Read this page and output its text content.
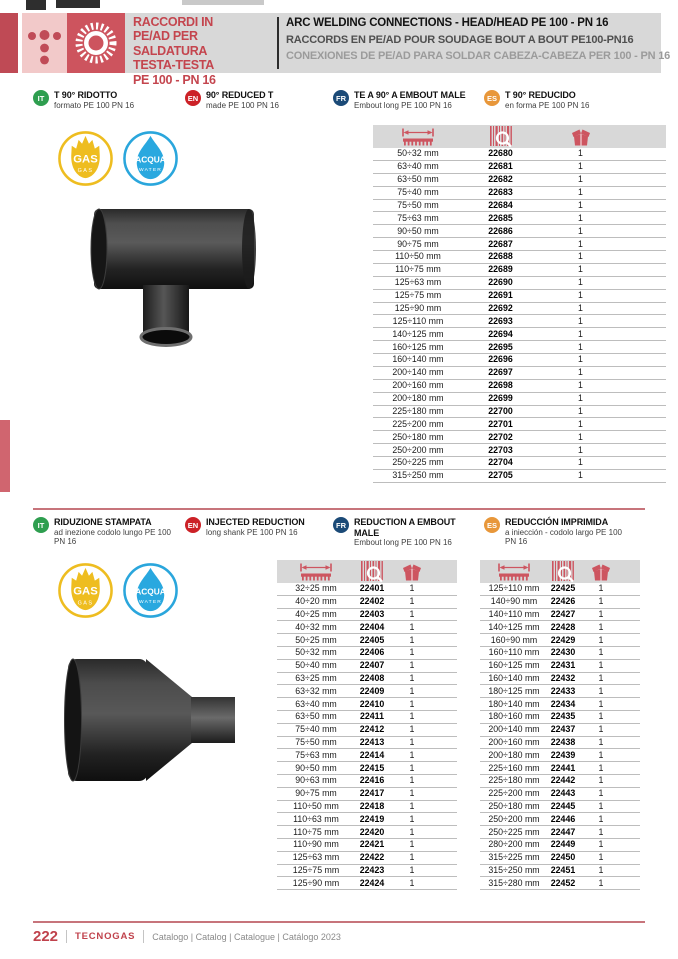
RACCORDI IN
PE/AD PER SALDATURA
TESTA-TESTA
PE 100 - PN 16
ARC WELDING CONNECTIONS - HEAD/HEAD PE 100 - PN 16
RACCORDS EN PE/AD POUR SOUDAGE BOUT A BOUT PE100-PN16
CONEXIONES DE PE/AD PARA SOLDAR CABEZA-CABEZA PER 100 - PN 16
IT	T 90° RIDOTTO
formato PE 100 PN 16
EN 90° REDUCED T
made PE 100 PN 16
FR TE A 90° A EMBOUT MALE
Embout long PE 100 PN 16
ES T 90° REDUCIDO
en forma PE 100 PN 16
GAS
GAS
ACQUA
WATER
50÷32 mm	22680	1
63÷40 mm	22681	1
63÷50 mm	22682	1
75÷40 mm	22683	1
75÷50 mm	22684	1
75÷63 mm	22685	1
90÷50 mm	22686	1
90÷75 mm	22687	1
110÷50 mm	22688	1
110÷75 mm	22689	1
125÷63 mm	22690	1
125÷75 mm	22691	1
125÷90 mm	22692	1
125÷110 mm	22693	1
140÷125 mm	22694	1
160÷125 mm	22695	1
160÷140 mm	22696	1
200÷140 mm	22697	1
200÷160 mm	22698	1
200÷180 mm	22699	1
225÷180 mm	22700	1
225÷200 mm	22701	1
250÷180 mm	22702	1
250÷200 mm	22703	1
250÷225 mm	22704	1
315÷250 mm	22705	1
IT	RIDUZIONE STAMPATA
ad inezione codolo lungo PE 100 PN 16
EN INJECTED REDUCTION
long shank PE 100 PN 16
FR REDUCTION A EMBOUT MALE
Embout long PE 100 PN 16
ES REDUCCIÓN IMPRIMIDA
a iniección - codolo largo PE 100 PN 16
GAS
GAS
ACQUA
WATER
32÷25 mm	22401	1
40÷20 mm	22402	1
40÷25 mm	22403	1
40÷32 mm	22404	1
50÷25 mm	22405	1
50÷32 mm	22406	1
50÷40 mm	22407	1
63÷25 mm	22408	1
63÷32 mm	22409	1
63÷40 mm	22410	1
63÷50 mm	22411	1
75÷40 mm	22412	1
75÷50 mm	22413	1
75÷63 mm	22414	1
90÷50 mm	22415	1
90÷63 mm	22416	1
90÷75 mm	22417	1
110÷50 mm	22418	1
110÷63 mm	22419	1
110÷75 mm	22420	1
110÷90 mm	22421	1
125÷63 mm	22422	1
125÷75 mm	22423	1
125÷90 mm	22424	1
125÷110 mm	22425	1
140÷90 mm	22426	1
140÷110 mm	22427	1
140÷125 mm	22428	1
160÷90 mm	22429	1
160÷110 mm	22430	1
160÷125 mm	22431	1
160÷140 mm	22432	1
180÷125 mm	22433	1
180÷140 mm	22434	1
180÷160 mm	22435	1
200÷140 mm	22437	1
200÷160 mm	22438	1
200÷180 mm	22439	1
225÷160 mm	22441	1
225÷180 mm	22442	1
225÷200 mm	22443	1
250÷180 mm	22445	1
250÷200 mm	22446	1
250÷225 mm	22447	1
280÷200 mm	22449	1
315÷225 mm	22450	1
315÷250 mm	22451	1
315÷280 mm	22452	1
222 TECNOGAS Catalogo | Catalog | Catalogue | Catálogo 2023
